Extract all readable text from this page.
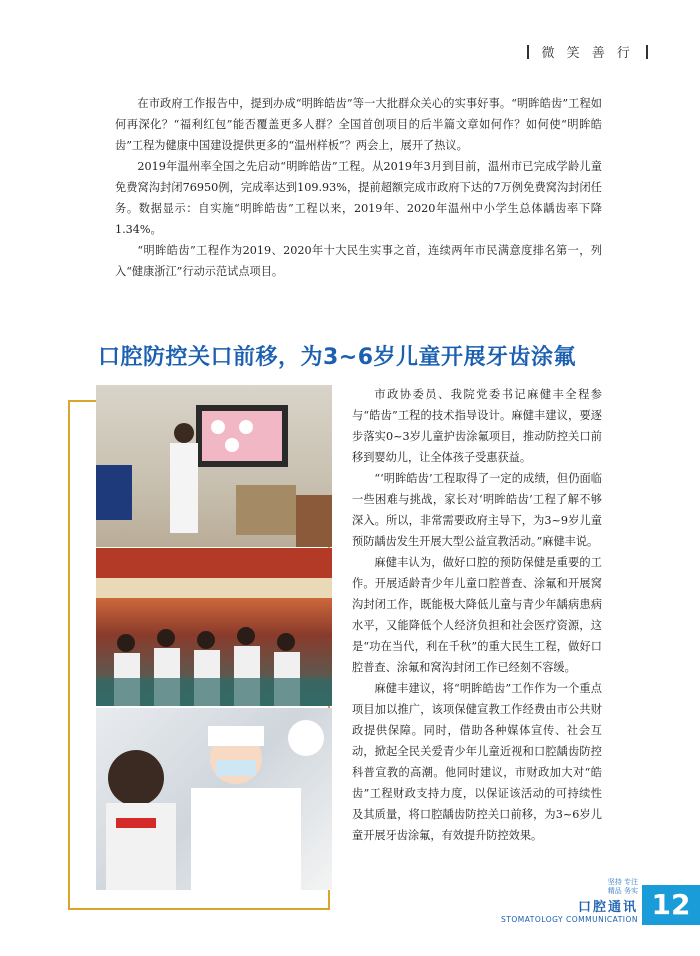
微 笑 善 行

在市政府工作报告中，提到办成“明眸皓齿”等一大批群众关心的实事好事。“明眸皓齿”工程如何再深化？“福利红包”能否覆盖更多人群？全国首创项目的后半篇文章如何作？如何使“明眸皓齿”工程为健康中国建设提供更多的“温州样板”？两会上，展开了热议。

2019年温州率全国之先启动“明眸皓齿”工程。从2019年3月到目前，温州市已完成学龄儿童免费窝沟封闭76950例，完成率达到109.93%，提前超额完成市政府下达的7万例免费窝沟封闭任务。数据显示：自实施“明眸皓齿”工程以来，2019年、2020年温州中小学生总体龋齿率下降1.34%。

“明眸皓齿”工程作为2019、2020年十大民生实事之首，连续两年市民满意度排名第一，列入“健康浙江”行动示范试点项目。

口腔防控关口前移，为3~6岁儿童开展牙齿涂氟

市政协委员、我院党委书记麻健丰全程参与“皓齿”工程的技术指导设计。麻健丰建议，要逐步落实0~3岁儿童护齿涂氟项目，推动防控关口前移到婴幼儿，让全体孩子受惠获益。

“‘明眸皓齿’工程取得了一定的成绩，但仍面临一些困难与挑战，家长对‘明眸皓齿’工程了解不够深入。所以，非常需要政府主导下，为3~9岁儿童预防龋齿发生开展大型公益宣教活动。”麻健丰说。

麻健丰认为，做好口腔的预防保健是重要的工作。开展适龄青少年儿童口腔普查、涂氟和开展窝沟封闭工作，既能极大降低儿童与青少年龋病患病水平，又能降低个人经济负担和社会医疗资源，这是“功在当代，利在千秋”的重大民生工程，做好口腔普查、涂氟和窝沟封闭工作已经刻不容缓。

麻健丰建议，将“明眸皓齿”工作作为一个重点项目加以推广，该项保健宣教工作经费由市公共财政提供保障。同时，借助各种媒体宣传、社会互动，掀起全民关爱青少年儿童近视和口腔龋齿防控科普宣教的高潮。他同时建议，市财政加大对“皓齿”工程财政支持力度，以保证该活动的可持续性及其质量，将口腔龋齿防控关口前移，为3~6岁儿童开展牙齿涂氟，有效提升防控效果。

坚持 专注
精品 务实
口腔通讯
STOMATOLOGY COMMUNICATION 12
